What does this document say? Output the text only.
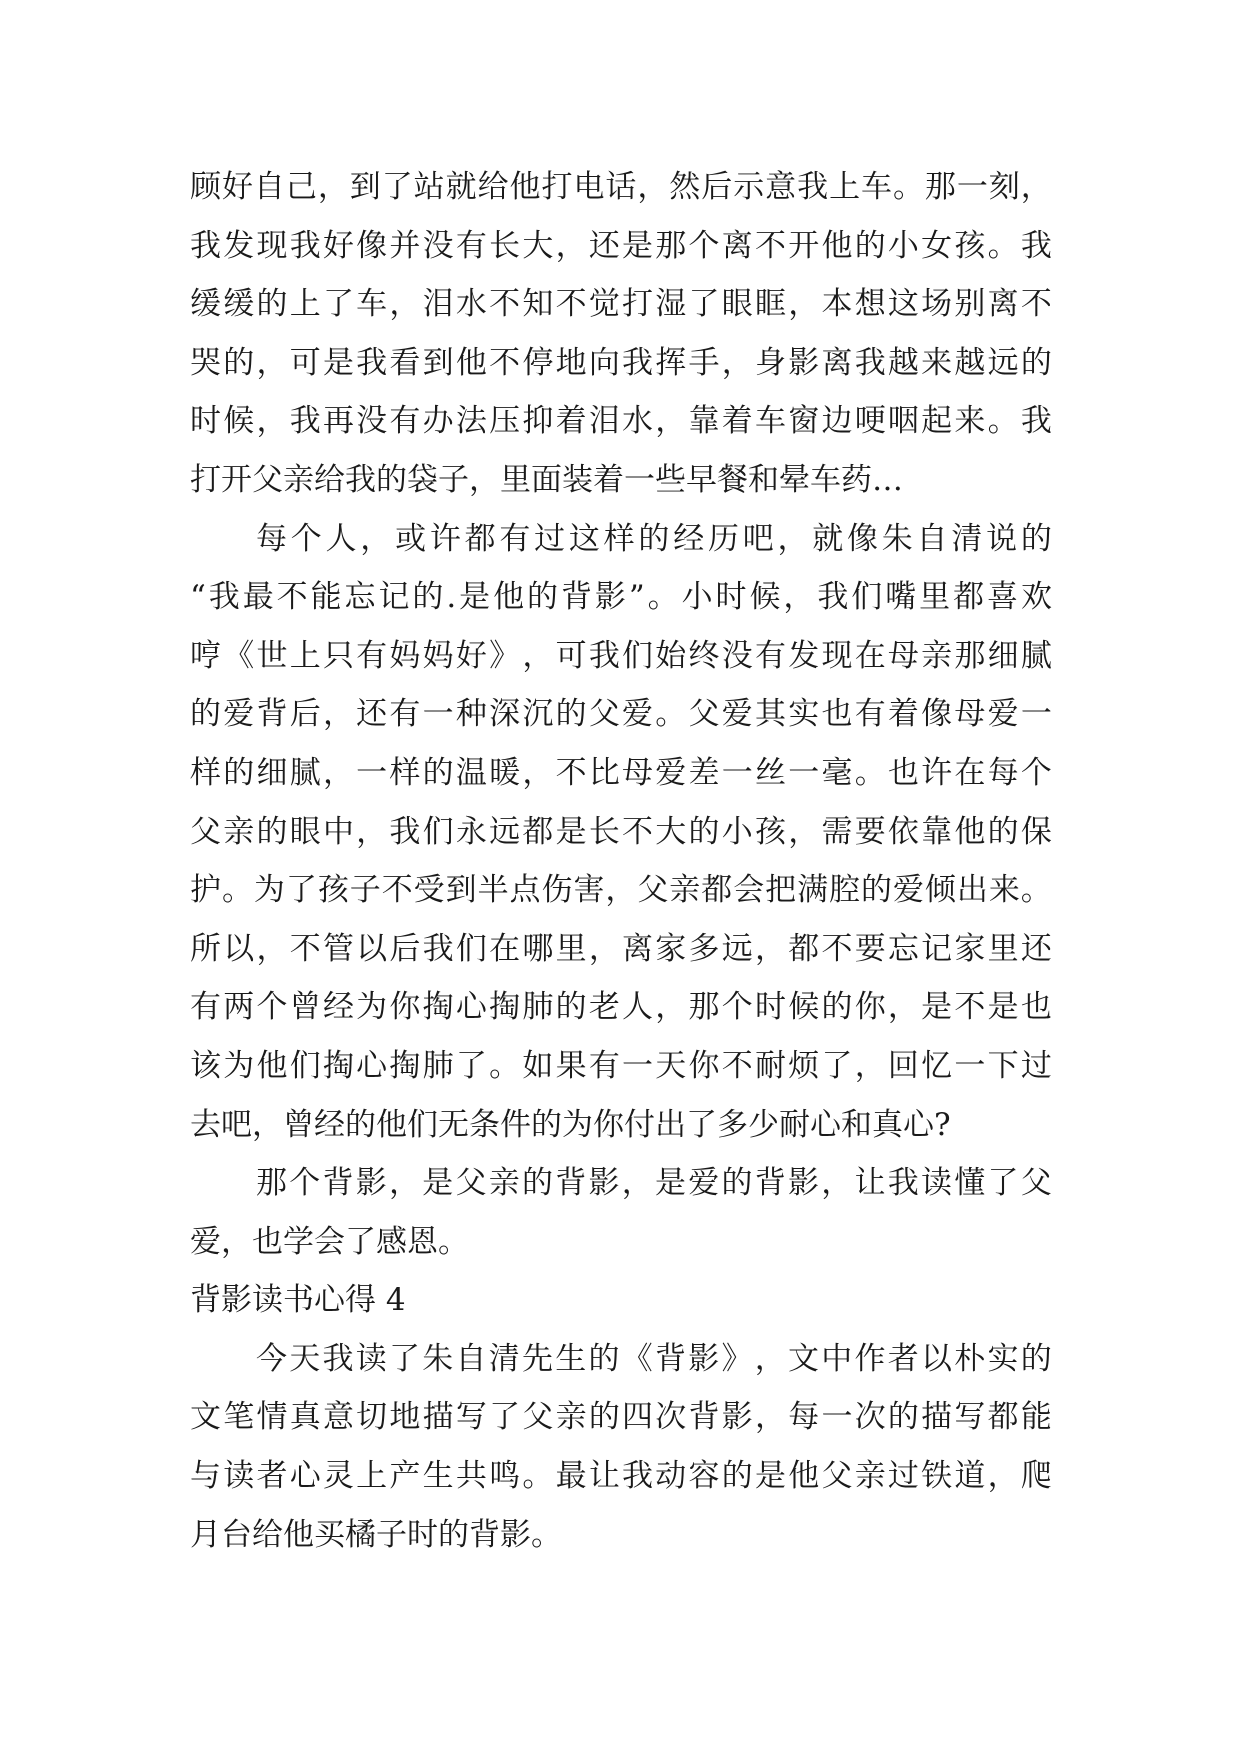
顾 好 自 己 ， 到 了 站 就 给 他 打 电 话 ， 然 后 示 意 我 上 车 。 那 一 刻 ，
我 发 现 我 好 像 并 没 有 长 大 ， 还 是 那 个 离 不 开 他 的 小 女 孩 。 我
缓 缓 的 上 了 车 ， 泪 水 不 知 不 觉 打 湿 了 眼 眶 ， 本 想 这 场 别 离 不
哭 的 ， 可 是 我 看 到 他 不 停 地 向 我 挥 手 ， 身 影 离 我 越 来 越 远 的
时 候 ， 我 再 没 有 办 法 压 抑 着 泪 水 ， 靠 着 车 窗 边 哽 咽 起 来 。 我
打开父亲给我的袋子，里面装着一些早餐和晕车药…
每 个 人 ， 或 许 都 有 过 这 样 的 经 历 吧 ， 就 像 朱 自 清 说 的
“ 我 最 不 能 忘 记 的 . 是 他 的 背 影 ” 。 小 时 候 ， 我 们 嘴 里 都 喜 欢
哼 《 世 上 只 有 妈 妈 好 》 ， 可 我 们 始 终 没 有 发 现 在 母 亲 那 细 腻
的 爱 背 后 ， 还 有 一 种 深 沉 的 父 爱 。 父 爱 其 实 也 有 着 像 母 爱 一
样 的 细 腻 ， 一 样 的 温 暖 ， 不 比 母 爱 差 一 丝 一 毫 。 也 许 在 每 个
父 亲 的 眼 中 ， 我 们 永 远 都 是 长 不 大 的 小 孩 ， 需 要 依 靠 他 的 保
护 。 为 了 孩 子 不 受 到 半 点 伤 害 ， 父 亲 都 会 把 满 腔 的 爱 倾 出 来 。
所 以 ， 不 管 以 后 我 们 在 哪 里 ， 离 家 多 远 ， 都 不 要 忘 记 家 里 还
有 两 个 曾 经 为 你 掏 心 掏 肺 的 老 人 ， 那 个 时 候 的 你 ， 是 不 是 也
该 为 他 们 掏 心 掏 肺 了 。 如 果 有 一 天 你 不 耐 烦 了 ， 回 忆 一 下 过
去吧，曾经的他们无条件的为你付出了多少耐心和真心?
那 个 背 影 ， 是 父 亲 的 背 影 ， 是 爱 的 背 影 ， 让 我 读 懂 了 父
爱，也学会了感恩。
背影读书心得 4
今 天 我 读 了 朱 自 清 先 生 的 《 背 影 》 ， 文 中 作 者 以 朴 实 的
文 笔 情 真 意 切 地 描 写 了 父 亲 的 四 次 背 影 ， 每 一 次 的 描 写 都 能
与 读 者 心 灵 上 产 生 共 鸣 。 最 让 我 动 容 的 是 他 父 亲 过 铁 道 ， 爬
月台给他买橘子时的背影。
